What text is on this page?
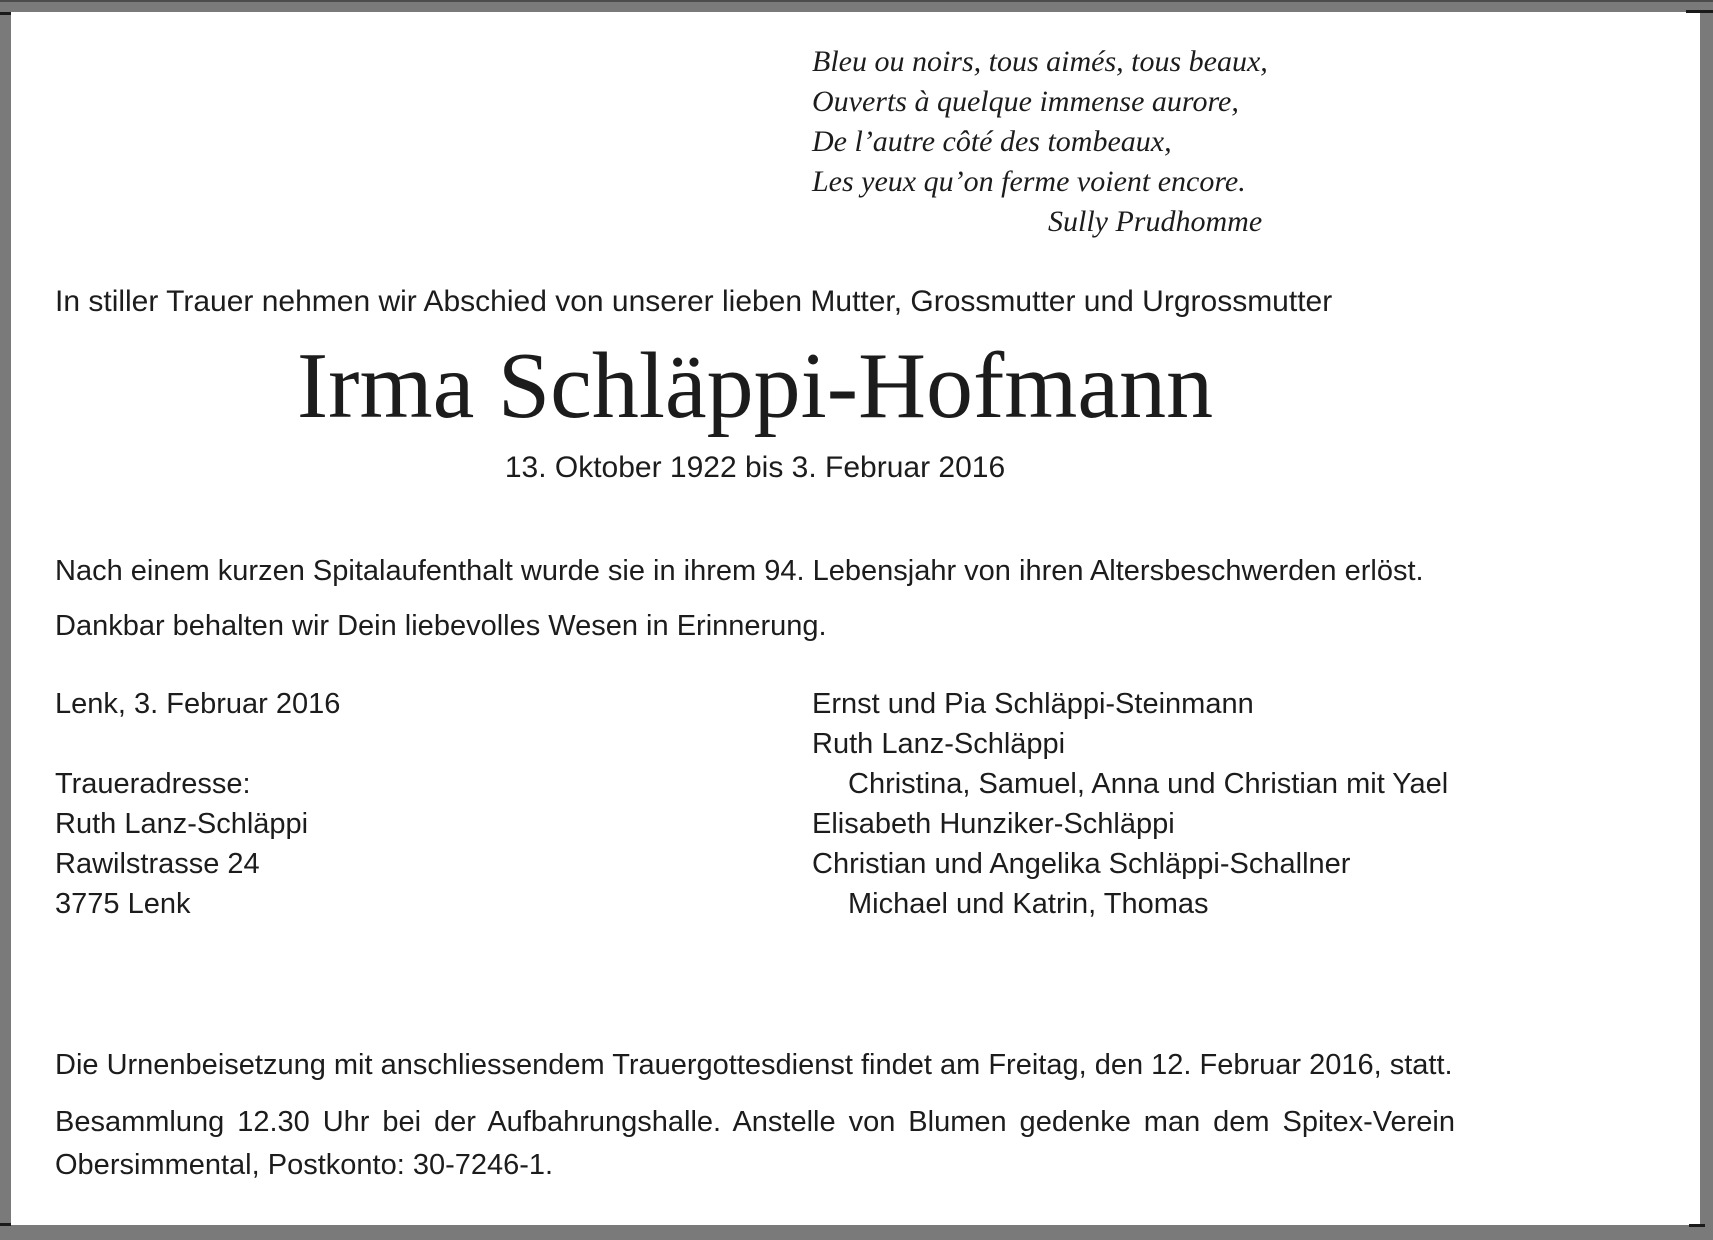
Bleu ou noirs, tous aimés, tous beaux,
Ouverts à quelque immense aurore,
De l’autre côté des tombeaux,
Les yeux qu’on ferme voient encore.
Sully Prudhomme
In stiller Trauer nehmen wir Abschied von unserer lieben Mutter, Grossmutter und Urgrossmutter
Irma Schläppi-Hofmann
13. Oktober 1922 bis 3. Februar 2016
Nach einem kurzen Spitalaufenthalt wurde sie in ihrem 94. Lebensjahr von ihren Altersbeschwerden erlöst.
Dankbar behalten wir Dein liebevolles Wesen in Erinnerung.
Lenk, 3. Februar 2016
Traueradresse:
Ruth Lanz-Schläppi
Rawilstrasse 24
3775 Lenk
Ernst und Pia Schläppi-Steinmann
Ruth Lanz-Schläppi
Christina, Samuel, Anna und Christian mit Yael
Elisabeth Hunziker-Schläppi
Christian und Angelika Schläppi-Schallner
Michael und Katrin, Thomas
Die Urnenbeisetzung mit anschliessendem Trauergottesdienst findet am Freitag, den 12. Februar 2016, statt.
Besammlung 12.30 Uhr bei der Aufbahrungshalle. Anstelle von Blumen gedenke man dem Spitex-Verein Obersimmental, Postkonto: 30-7246-1.
